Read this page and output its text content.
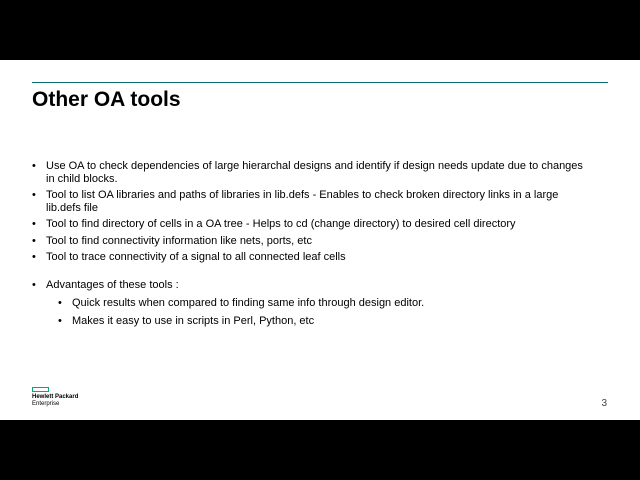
Other OA tools
• Use OA to check dependencies of large hierarchal designs and identify if design needs update due to changes in child blocks.
• Tool to list OA libraries and paths of libraries in lib.defs - Enables to check broken directory links in a large lib.defs file
• Tool to find directory of cells in a OA tree - Helps to cd (change directory) to desired cell directory
• Tool to find connectivity information like nets, ports, etc
• Tool to trace connectivity of a signal to all connected leaf cells
• Advantages of these tools :
• Quick results when compared to finding same info through design editor.
• Makes it easy to use in scripts in Perl, Python, etc
Hewlett Packard
Enterprise	3
